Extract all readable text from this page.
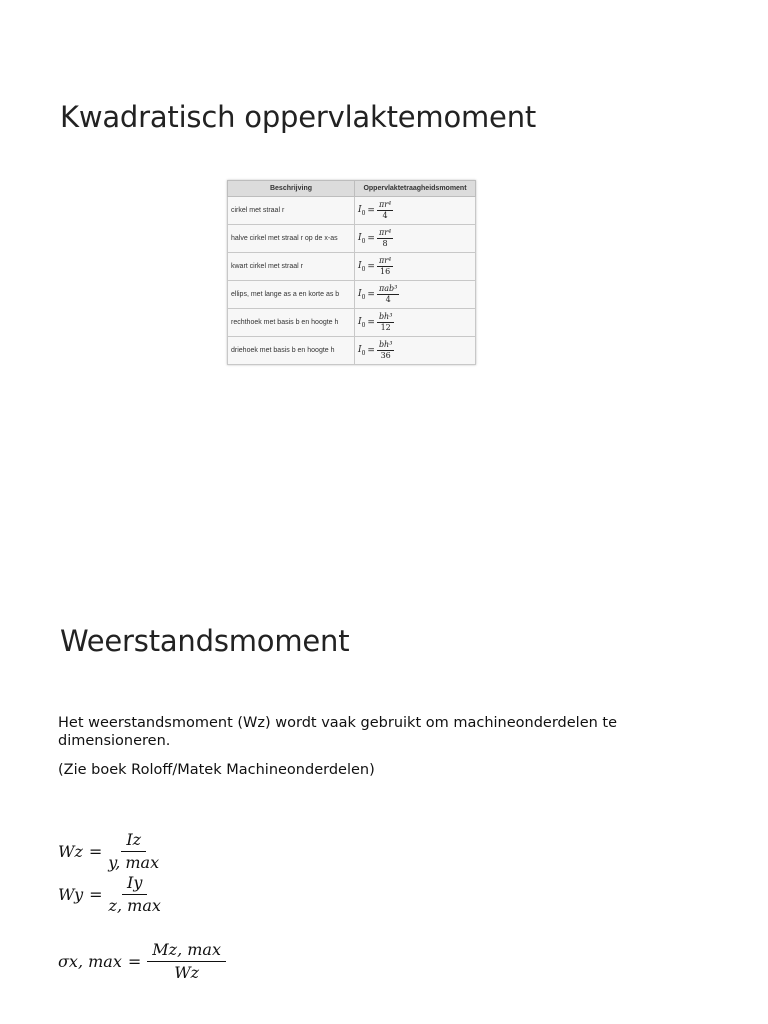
Kwadratisch oppervlaktemoment
Beschrijving	Oppervlaktetraagheidsmoment
cirkel met straal r	$I_0 = \frac{\text{πr⁴}}{4}$

halve cirkel met straal r op de x-as	$I_0 = \frac{\text{πr⁴}}{8}$

kwart cirkel met straal r	$I_0 = \frac{\text{πr⁴}}{16}$

ellips, met lange as a en korte as b	$I_0 = \frac{\text{πab³}}{4}$

rechthoek met basis b en hoogte h	$I_0 = \frac{\text{bh³}}{12}$

driehoek met basis b en hoogte h	$I_0 = \frac{\text{bh³}}{36}$
Weerstandsmoment

Het weerstandsmoment (Wz) wordt vaak gebruikt om machineonderdelen te dimensioneren.

(Zie boek Roloff/Matek Machineonderdelen)

Wz =
Iz
y, max
Wy =
Iy
z, max
σx, max =
Mz, max
Wz
